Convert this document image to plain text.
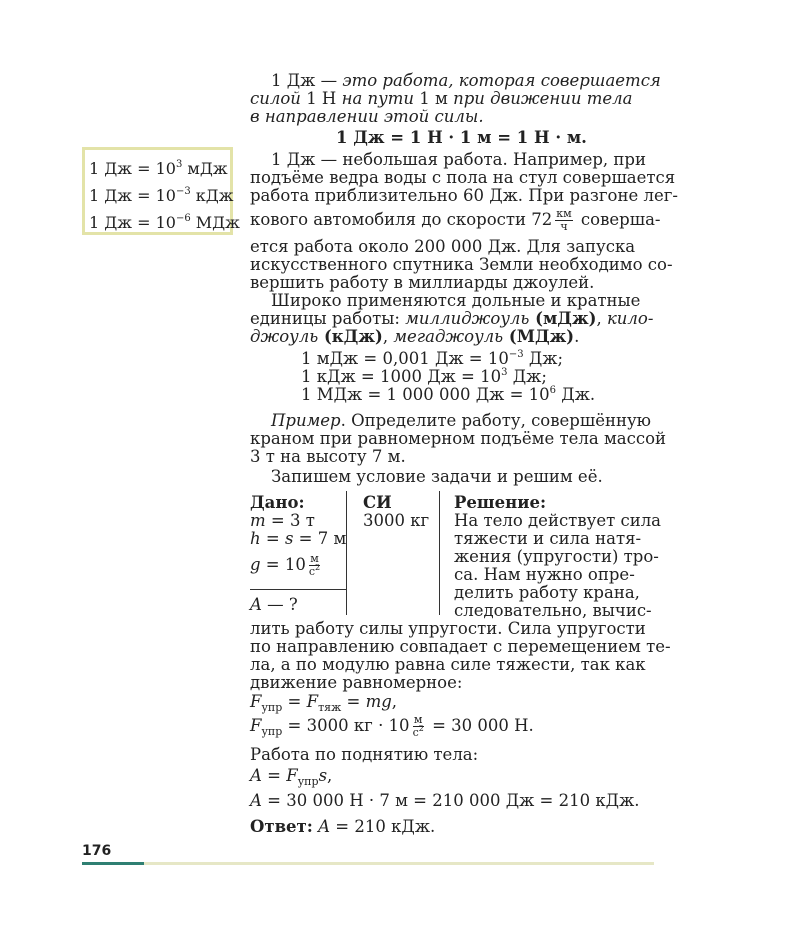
1 Дж — это работа, которая совершается
силой 1 Н на пути 1 м при движении тела
в направлении этой силы.
1 Дж = 1 Н · 1 м = 1 Н · м.
1 Дж = $10^3$ мДж
1 Дж = $10^{-3}$ кДж
1 Дж = $10^{-6}$ МДж
1 Дж — небольшая работа. Например, при
подъёме ведра воды с пола на стул совершается
работа приблизительно 60 Дж. При разгоне лег-
кового автомобиля до скорости $72 \frac{км}{ч}$ совершa-
ется работа около 200 000 Дж. Для запуска
искусственного спутника Земли необходимо со-
вершить работу в миллиарды джоулей.
Широко применяются дольные и кратные
единицы работы: миллиджоуль (мДж), кило-
джоуль (кДж), мегаджоуль (МДж).
1 мДж = 0,001 Дж = $10^{-3}$ Дж;
1 кДж = 1000 Дж = $10^3$ Дж;
1 МДж = 1 000 000 Дж = $10^6$ Дж.
Пример. Определите работу, совершённую
краном при равномерном подъёме тела массой
3 т на высоту 7 м.
Запишем условие задачи и решим её.
Дано:	СИ	Решение:
m = 3 т
h = s = 7 м
$g = 10 \frac{м}{с^2}$
A — ?
3000 кг На тело действует сила
тяжести и сила натя-
жения (упругости) тро-
са. Нам нужно опре-
делить работу крана,
следовательно, вычис-
лить работу силы упругости. Сила упругости
по направлению совпадает с перемещением те-
ла, а по модулю равна силе тяжести, так как
движение равномерное:
$F_{упр} = F_{тяж}$ = mg,
$F_{упр} = 3000$ кг · $10 \frac{м}{с^2} = 30$ 000 Н.
Работа по поднятию тела:
$A = F_{упр}s$,
A = 30 000 Н · 7 м = 210 000 Дж = 210 кДж.
Ответ: A = 210 кДж.
176
